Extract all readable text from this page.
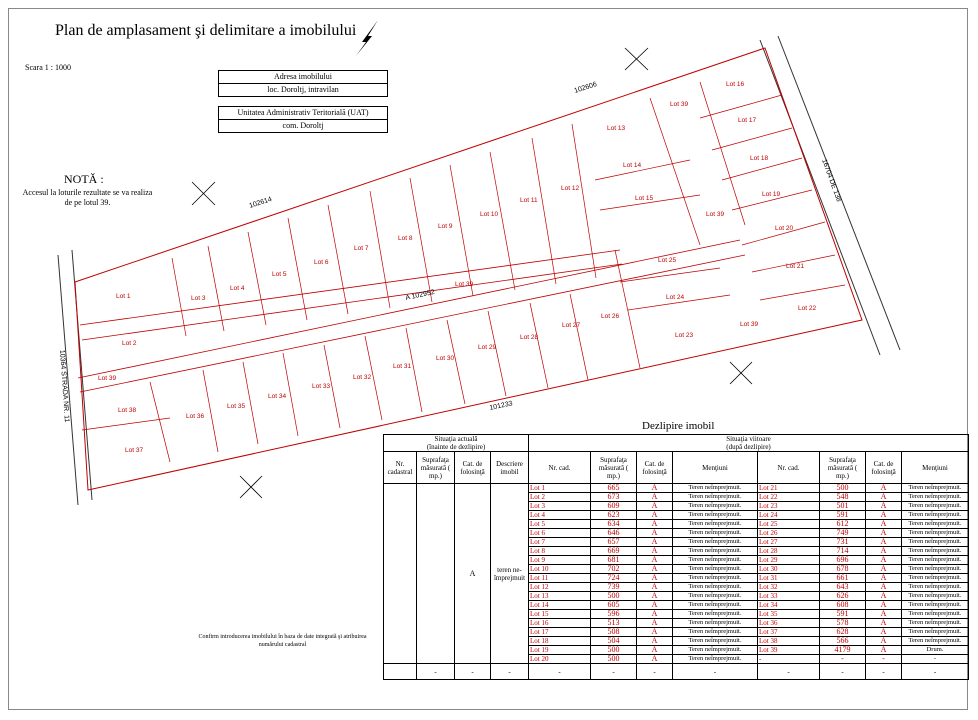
Plan de amplasament şi delimitare a imobilului
Scara 1 : 1000
Adresa imobilului
loc. Doroltj, intravilan
Unitatea Administrativ Teritorială (UAT)
com. Doroltj
NOTĂ :
Accesul la loturile rezultate se va realiza de pe lotul 39.
10364 STRADA NR. 11
16704 DE 138
102606
102614
A 102952
101233
Lot 1
Lot 2
Lot 3
Lot 4
Lot 5
Lot 6
Lot 7
Lot 8
Lot 9
Lot 10
Lot 11
Lot 12
Lot 13
Lot 14
Lot 15
Lot 16
Lot 17
Lot 18
Lot 19
Lot 20
Lot 21
Lot 22
Lot 23
Lot 24
Lot 25
Lot 26
Lot 27
Lot 28
Lot 29
Lot 30
Lot 31
Lot 32
Lot 33
Lot 34
Lot 35
Lot 36
Lot 37
Lot 38
Lot 39
Lot 39
Lot 39
Lot 39
Lot 39
Confirm introducerea imobilului în baza de date integrată şi atribuirea numărului cadastral
Dezlipire imobil
Situaţia actuală
(înainte de dezlipire)				Situaţia viitoare
(după dezlipire)							
Nr. cadastral	Suprafaţa măsurată ( mp.)	Cat. de folosinţă	Descriere imobil	Nr. cad.	Suprafaţa măsurată ( mp.)	Cat. de folosinţă	Menţiuni	Nr. cad.	Suprafaţa măsurată ( mp.)	Cat. de folosinţă	Menţiuni
		A	teren ne-împrejmuit	Lot 1	665	A	Teren neîmprejmuit.	Lot 21	500	A	Teren neîmprejmuit.
				Lot 2	673	A	Teren neîmprejmuit.	Lot 22	548	A	Teren neîmprejmuit.
				Lot 3	609	A	Teren neîmprejmuit.	Lot 23	501	A	Teren neîmprejmuit.
				Lot 4	623	A	Teren neîmprejmuit.	Lot 24	591	A	Teren neîmprejmuit.
				Lot 5	634	A	Teren neîmprejmuit.	Lot 25	612	A	Teren neîmprejmuit.
				Lot 6	646	A	Teren neîmprejmuit.	Lot 26	749	A	Teren neîmprejmuit.
				Lot 7	657	A	Teren neîmprejmuit.	Lot 27	731	A	Teren neîmprejmuit.
				Lot 8	669	A	Teren neîmprejmuit.	Lot 28	714	A	Teren neîmprejmuit.
				Lot 9	681	A	Teren neîmprejmuit.	Lot 29	696	A	Teren neîmprejmuit.
				Lot 10	702	A	Teren neîmprejmuit.	Lot 30	678	A	Teren neîmprejmuit.
				Lot 11	724	A	Teren neîmprejmuit.	Lot 31	661	A	Teren neîmprejmuit.
				Lot 12	739	A	Teren neîmprejmuit.	Lot 32	643	A	Teren neîmprejmuit.
				Lot 13	500	A	Teren neîmprejmuit.	Lot 33	626	A	Teren neîmprejmuit.
				Lot 14	605	A	Teren neîmprejmuit.	Lot 34	608	A	Teren neîmprejmuit.
				Lot 15	596	A	Teren neîmprejmuit.	Lot 35	591	A	Teren neîmprejmuit.
				Lot 16	513	A	Teren neîmprejmuit.	Lot 36	578	A	Teren neîmprejmuit.
				Lot 17	508	A	Teren neîmprejmuit.	Lot 37	628	A	Teren neîmprejmuit.
				Lot 18	504	A	Teren neîmprejmuit.	Lot 38	566	A	Teren neîmprejmuit.
				Lot 19	500	A	Teren neîmprejmuit.	Lot 39	4179	A	Drum.
				Lot 20	500	A	Teren neîmprejmuit.	-	-	-	-
	-	-	-	-	-	-	-	-	-	-	-
